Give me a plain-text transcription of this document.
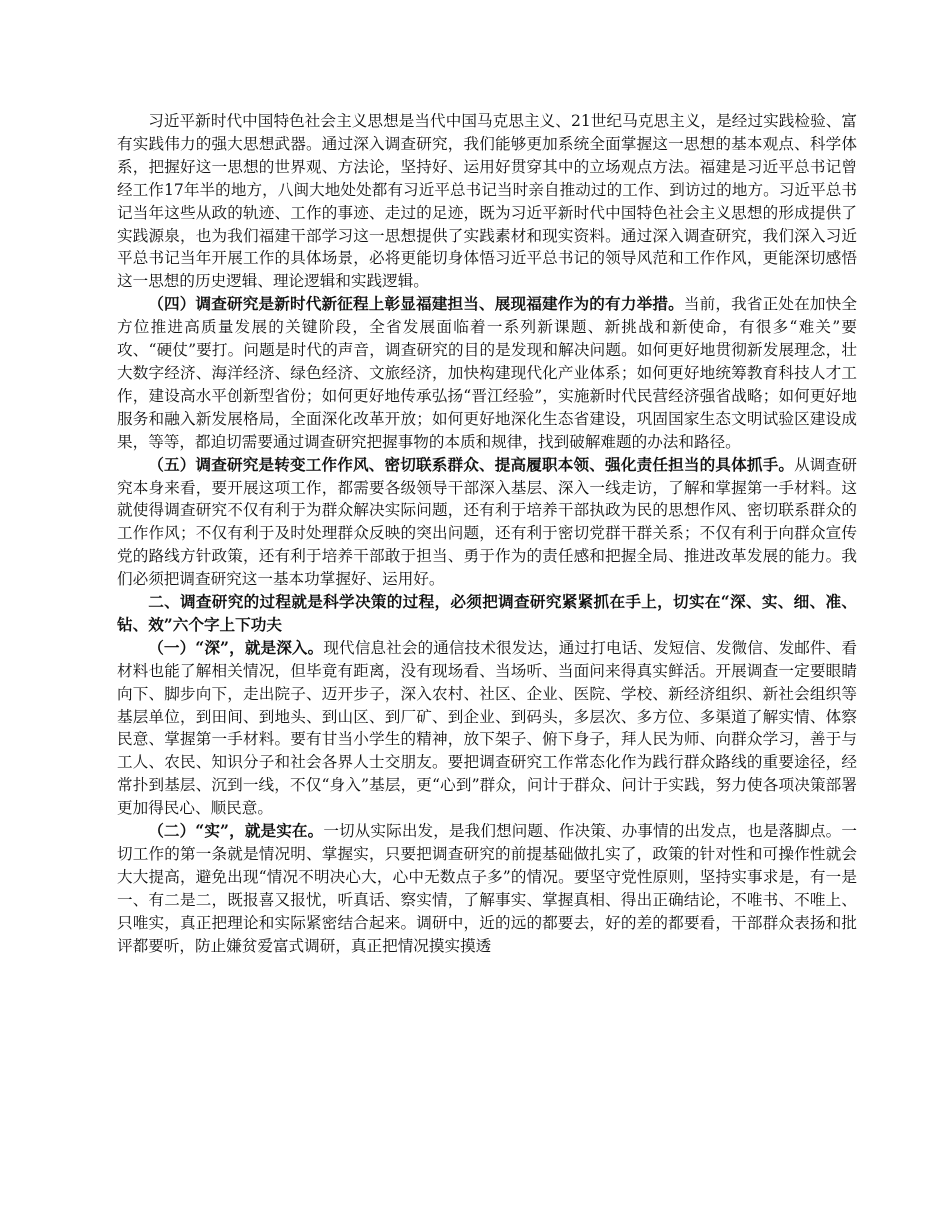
习近平新时代中国特色社会主义思想是当代中国马克思主义、21世纪马克思主义，是经过实践检验、富有实践伟力的强大思想武器。通过深入调查研究，我们能够更加系统全面掌握这一思想的基本观点、科学体系，把握好这一思想的世界观、方法论，坚持好、运用好贯穿其中的立场观点方法。福建是习近平总书记曾经工作17年半的地方，八闽大地处处都有习近平总书记当时亲自推动过的工作、到访过的地方。习近平总书记当年这些从政的轨迹、工作的事迹、走过的足迹，既为习近平新时代中国特色社会主义思想的形成提供了实践源泉，也为我们福建干部学习这一思想提供了实践素材和现实资料。通过深入调查研究，我们深入习近平总书记当年开展工作的具体场景，必将更能切身体悟习近平总书记的领导风范和工作作风，更能深切感悟这一思想的历史逻辑、理论逻辑和实践逻辑。

（四）调查研究是新时代新征程上彰显福建担当、展现福建作为的有力举措。当前，我省正处在加快全方位推进高质量发展的关键阶段，全省发展面临着一系列新课题、新挑战和新使命，有很多“难关”要攻、“硬仗”要打。问题是时代的声音，调查研究的目的是发现和解决问题。如何更好地贯彻新发展理念，壮大数字经济、海洋经济、绿色经济、文旅经济，加快构建现代化产业体系；如何更好地统筹教育科技人才工作，建设高水平创新型省份；如何更好地传承弘扬“晋江经验”，实施新时代民营经济强省战略；如何更好地服务和融入新发展格局，全面深化改革开放；如何更好地深化生态省建设，巩固国家生态文明试验区建设成果，等等，都迫切需要通过调查研究把握事物的本质和规律，找到破解难题的办法和路径。

（五）调查研究是转变工作作风、密切联系群众、提高履职本领、强化责任担当的具体抓手。从调查研究本身来看，要开展这项工作，都需要各级领导干部深入基层、深入一线走访，了解和掌握第一手材料。这就使得调查研究不仅有利于为群众解决实际问题，还有利于培养干部执政为民的思想作风、密切联系群众的工作作风；不仅有利于及时处理群众反映的突出问题，还有利于密切党群干群关系；不仅有利于向群众宣传党的路线方针政策，还有利于培养干部敢于担当、勇于作为的责任感和把握全局、推进改革发展的能力。我们必须把调查研究这一基本功掌握好、运用好。

二、调查研究的过程就是科学决策的过程，必须把调查研究紧紧抓在手上，切实在“深、实、细、准、钻、效”六个字上下功夫

（一）“深”，就是深入。现代信息社会的通信技术很发达，通过打电话、发短信、发微信、发邮件、看材料也能了解相关情况，但毕竟有距离，没有现场看、当场听、当面问来得真实鲜活。开展调查一定要眼睛向下、脚步向下，走出院子、迈开步子，深入农村、社区、企业、医院、学校、新经济组织、新社会组织等基层单位，到田间、到地头、到山区、到厂矿、到企业、到码头，多层次、多方位、多渠道了解实情、体察民意、掌握第一手材料。要有甘当小学生的精神，放下架子、俯下身子，拜人民为师、向群众学习，善于与工人、农民、知识分子和社会各界人士交朋友。要把调查研究工作常态化作为践行群众路线的重要途径，经常扑到基层、沉到一线，不仅“身入”基层，更“心到”群众，问计于群众、问计于实践，努力使各项决策部署更加得民心、顺民意。

（二）“实”，就是实在。一切从实际出发，是我们想问题、作决策、办事情的出发点，也是落脚点。一切工作的第一条就是情况明、掌握实，只要把调查研究的前提基础做扎实了，政策的针对性和可操作性就会大大提高，避免出现“情况不明决心大，心中无数点子多”的情况。要坚守党性原则，坚持实事求是，有一是一、有二是二，既报喜又报忧，听真话、察实情，了解事实、掌握真相、得出正确结论，不唯书、不唯上、只唯实，真正把理论和实际紧密结合起来。调研中，近的远的都要去，好的差的都要看，干部群众表扬和批评都要听，防止嫌贫爱富式调研，真正把情况摸实摸透
